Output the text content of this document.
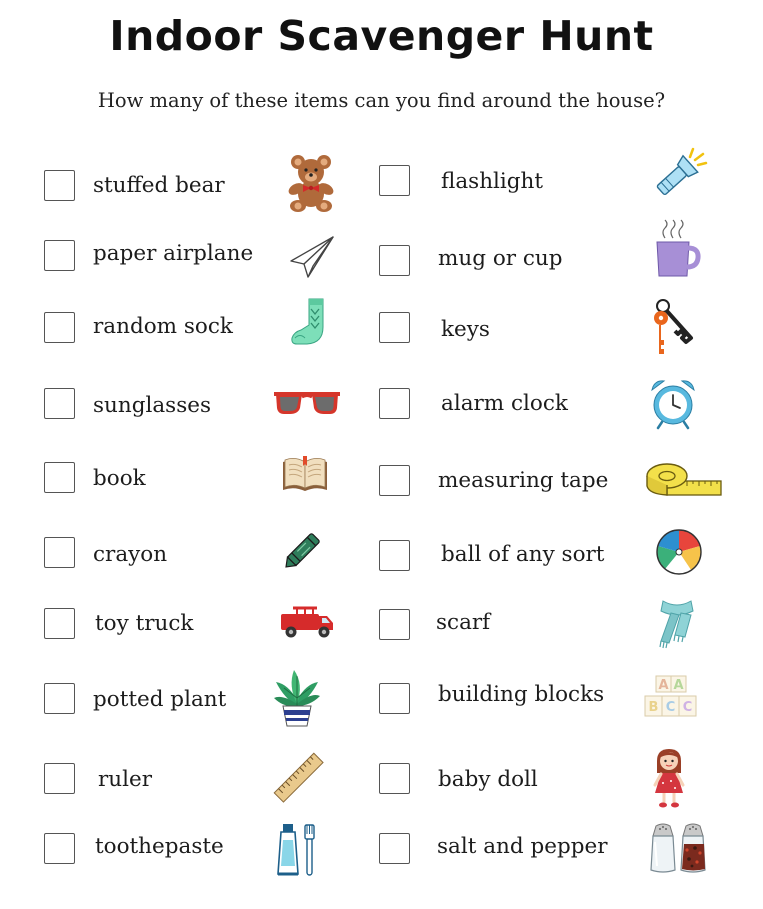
Indoor Scavenger Hunt
How many of these items can you find around the house?
stuffed bear
paper airplane
random sock
sunglasses
book
crayon
toy truck
potted plant
ruler
toothepaste
flashlight
mug or cup
keys
alarm clock
measuring tape
ball of any sort
scarf
building blocks	A A
B C C
baby doll
salt and pepper
